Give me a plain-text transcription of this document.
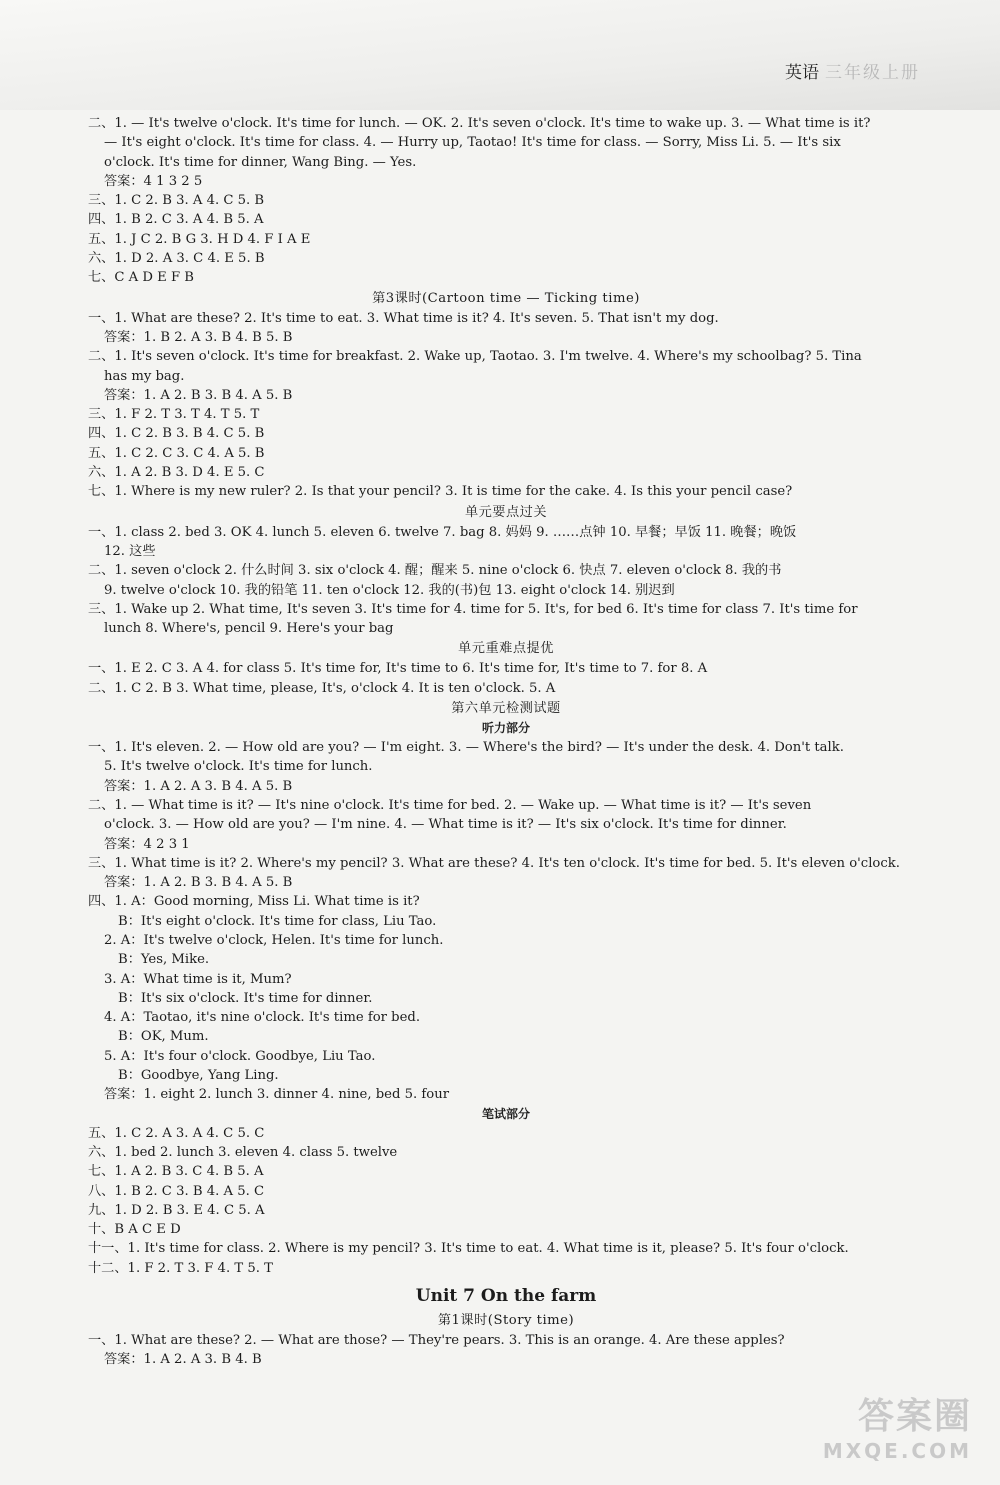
英语 三年级上册
二、1. — It's twelve o'clock. It's time for lunch. — OK. 2. It's seven o'clock. It's time to wake up. 3. — What time is it?
— It's eight o'clock. It's time for class. 4. — Hurry up, Taotao! It's time for class. — Sorry, Miss Li. 5. — It's six
o'clock. It's time for dinner, Wang Bing. — Yes.
答案：4 1 3 2 5
三、1. C 2. B 3. A 4. C 5. B
四、1. B 2. C 3. A 4. B 5. A
五、1. J C 2. B G 3. H D 4. F I A E
六、1. D 2. A 3. C 4. E 5. B
七、C A D E F B
第3课时(Cartoon time — Ticking time)
一、1. What are these? 2. It's time to eat. 3. What time is it? 4. It's seven. 5. That isn't my dog.
答案：1. B 2. A 3. B 4. B 5. B
二、1. It's seven o'clock. It's time for breakfast. 2. Wake up, Taotao. 3. I'm twelve. 4. Where's my schoolbag? 5. Tina
has my bag.
答案：1. A 2. B 3. B 4. A 5. B
三、1. F 2. T 3. T 4. T 5. T
四、1. C 2. B 3. B 4. C 5. B
五、1. C 2. C 3. C 4. A 5. B
六、1. A 2. B 3. D 4. E 5. C
七、1. Where is my new ruler? 2. Is that your pencil? 3. It is time for the cake. 4. Is this your pencil case?
单元要点过关
一、1. class 2. bed 3. OK 4. lunch 5. eleven 6. twelve 7. bag 8. 妈妈 9. ……点钟 10. 早餐；早饭 11. 晚餐；晚饭
12. 这些
二、1. seven o'clock 2. 什么时间 3. six o'clock 4. 醒；醒来 5. nine o'clock 6. 快点 7. eleven o'clock 8. 我的书
9. twelve o'clock 10. 我的铅笔 11. ten o'clock 12. 我的(书)包 13. eight o'clock 14. 别迟到
三、1. Wake up 2. What time, It's seven 3. It's time for 4. time for 5. It's, for bed 6. It's time for class 7. It's time for
lunch 8. Where's, pencil 9. Here's your bag
单元重难点提优
一、1. E 2. C 3. A 4. for class 5. It's time for, It's time to 6. It's time for, It's time to 7. for 8. A
二、1. C 2. B 3. What time, please, It's, o'clock 4. It is ten o'clock. 5. A
第六单元检测试题
听力部分
一、1. It's eleven. 2. — How old are you? — I'm eight. 3. — Where's the bird? — It's under the desk. 4. Don't talk.
5. It's twelve o'clock. It's time for lunch.
答案：1. A 2. A 3. B 4. A 5. B
二、1. — What time is it? — It's nine o'clock. It's time for bed. 2. — Wake up. — What time is it? — It's seven
o'clock. 3. — How old are you? — I'm nine. 4. — What time is it? — It's six o'clock. It's time for dinner.
答案：4 2 3 1
三、1. What time is it? 2. Where's my pencil? 3. What are these? 4. It's ten o'clock. It's time for bed. 5. It's eleven o'clock.
答案：1. A 2. B 3. B 4. A 5. B
四、1. A：Good morning, Miss Li. What time is it?
B：It's eight o'clock. It's time for class, Liu Tao.
2. A：It's twelve o'clock, Helen. It's time for lunch.
B：Yes, Mike.
3. A：What time is it, Mum?
B：It's six o'clock. It's time for dinner.
4. A：Taotao, it's nine o'clock. It's time for bed.
B：OK, Mum.
5. A：It's four o'clock. Goodbye, Liu Tao.
B：Goodbye, Yang Ling.
答案：1. eight 2. lunch 3. dinner 4. nine, bed 5. four
笔试部分
五、1. C 2. A 3. A 4. C 5. C
六、1. bed 2. lunch 3. eleven 4. class 5. twelve
七、1. A 2. B 3. C 4. B 5. A
八、1. B 2. C 3. B 4. A 5. C
九、1. D 2. B 3. E 4. C 5. A
十、B A C E D
十一、1. It's time for class. 2. Where is my pencil? 3. It's time to eat. 4. What time is it, please? 5. It's four o'clock.
十二、1. F 2. T 3. F 4. T 5. T
Unit 7 On the farm
第1课时(Story time)
一、1. What are these? 2. — What are those? — They're pears. 3. This is an orange. 4. Are these apples?
答案：1. A 2. A 3. B 4. B
答案圈
MXQE.COM
